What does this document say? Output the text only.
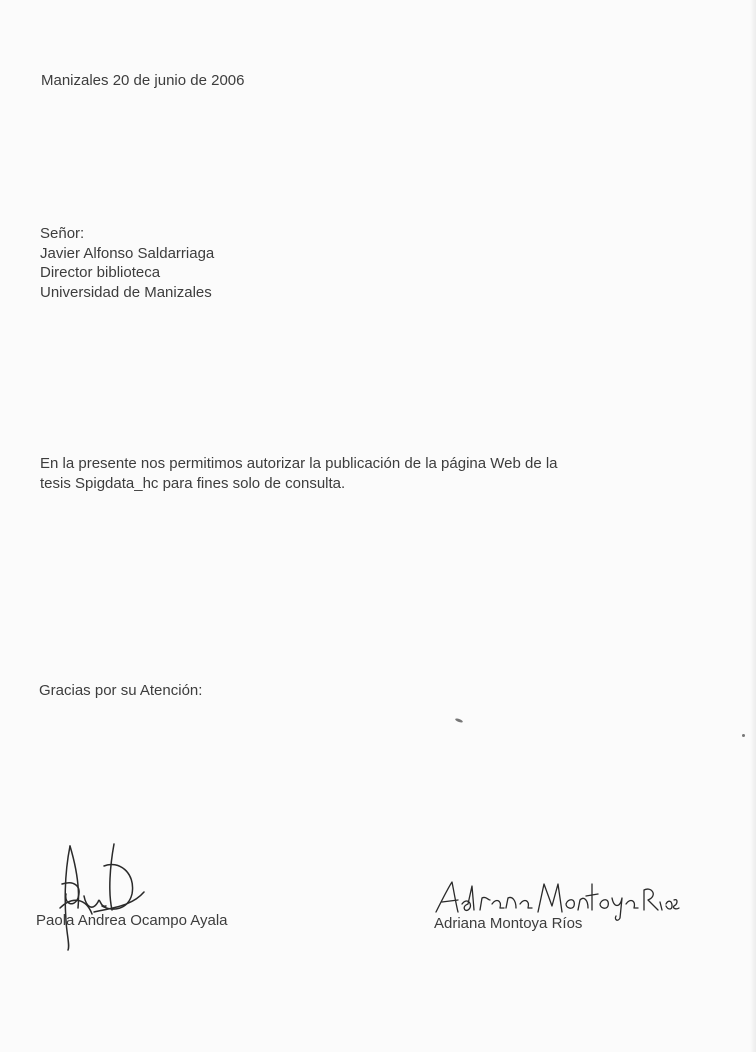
Manizales 20 de junio de 2006
Señor:
Javier Alfonso Saldarriaga
Director biblioteca
Universidad de Manizales
En la presente nos permitimos autorizar la publicación de la página Web de la
tesis Spigdata_hc para fines solo de consulta.
Gracias por su Atención:
Paola Andrea Ocampo Ayala	Adriana Montoya Ríos
